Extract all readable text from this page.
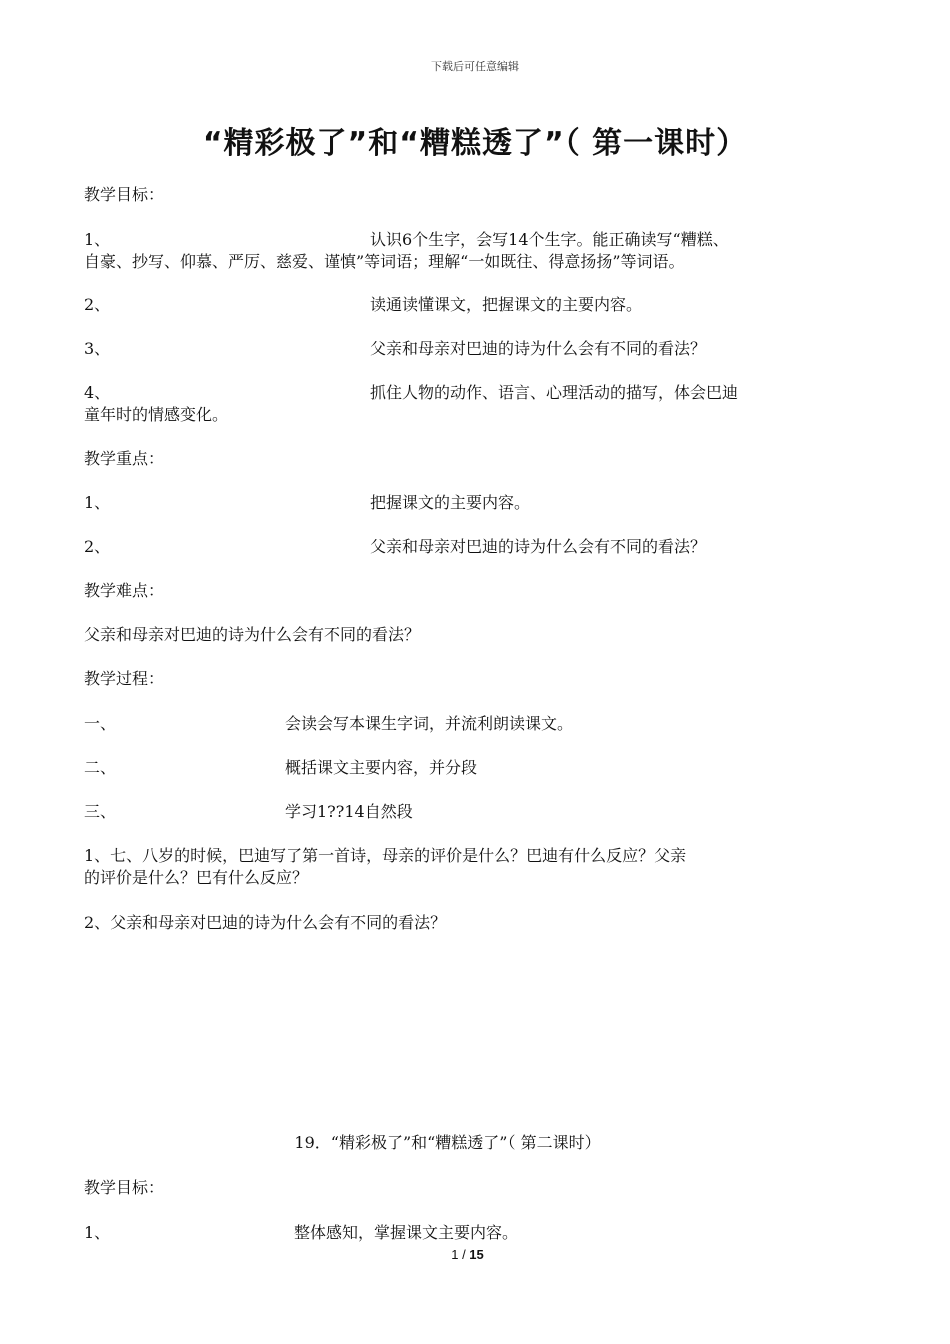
下载后可任意编辑
“精彩极了”和“糟糕透了”（ 第一课时）
教学目标：
1、	认识6个生字，会写14个生字。能正确读写“糟糕、
自豪、抄写、仰慕、严厉、慈爱、谨慎”等词语；理解“一如既往、得意扬扬”等词语。
2、	读通读懂课文，把握课文的主要内容。
3、	父亲和母亲对巴迪的诗为什么会有不同的看法？
4、	抓住人物的动作、语言、心理活动的描写，体会巴迪
童年时的情感变化。
教学重点：
1、	把握课文的主要内容。
2、	父亲和母亲对巴迪的诗为什么会有不同的看法？
教学难点：
父亲和母亲对巴迪的诗为什么会有不同的看法？
教学过程：
一、	会读会写本课生字词，并流利朗读课文。
二、	概括课文主要内容，并分段
三、	学习1??14自然段
1、七、八岁的时候，巴迪写了第一首诗，母亲的评价是什么？巴迪有什么反应？父亲
的评价是什么？巴有什么反应？
2、父亲和母亲对巴迪的诗为什么会有不同的看法？
19．“精彩极了”和“糟糕透了”（ 第二课时）
教学目标：
1、	整体感知，掌握课文主要内容。
1 / 15
